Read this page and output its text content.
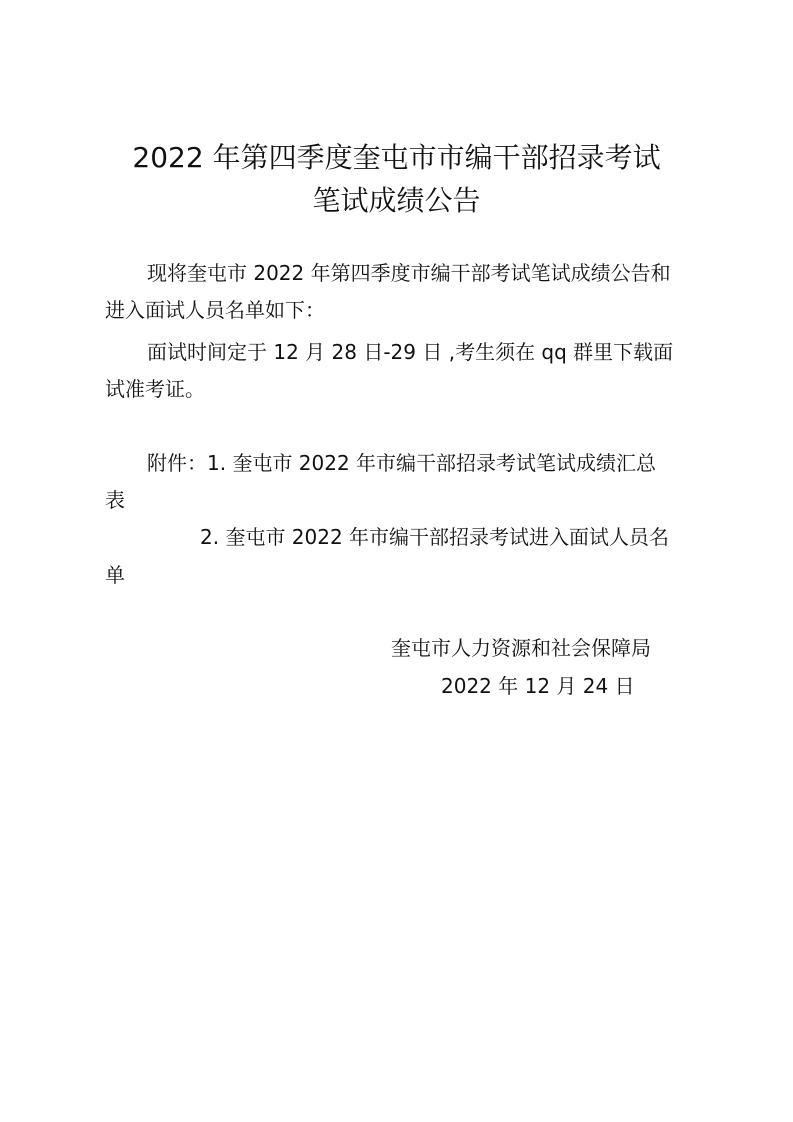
2022 年第四季度奎屯市市编干部招录考试
笔试成绩公告
现将奎屯市 2022 年第四季度市编干部考试笔试成绩公告和
进入面试人员名单如下：
面试时间定于 12 月 28 日-29 日 ,考生须在 qq 群里下载面
试准考证。
附件：1. 奎屯市 2022 年市编干部招录考试笔试成绩汇总
表
2. 奎屯市 2022 年市编干部招录考试进入面试人员名
单
奎屯市人力资源和社会保障局
2022 年 12 月 24 日
